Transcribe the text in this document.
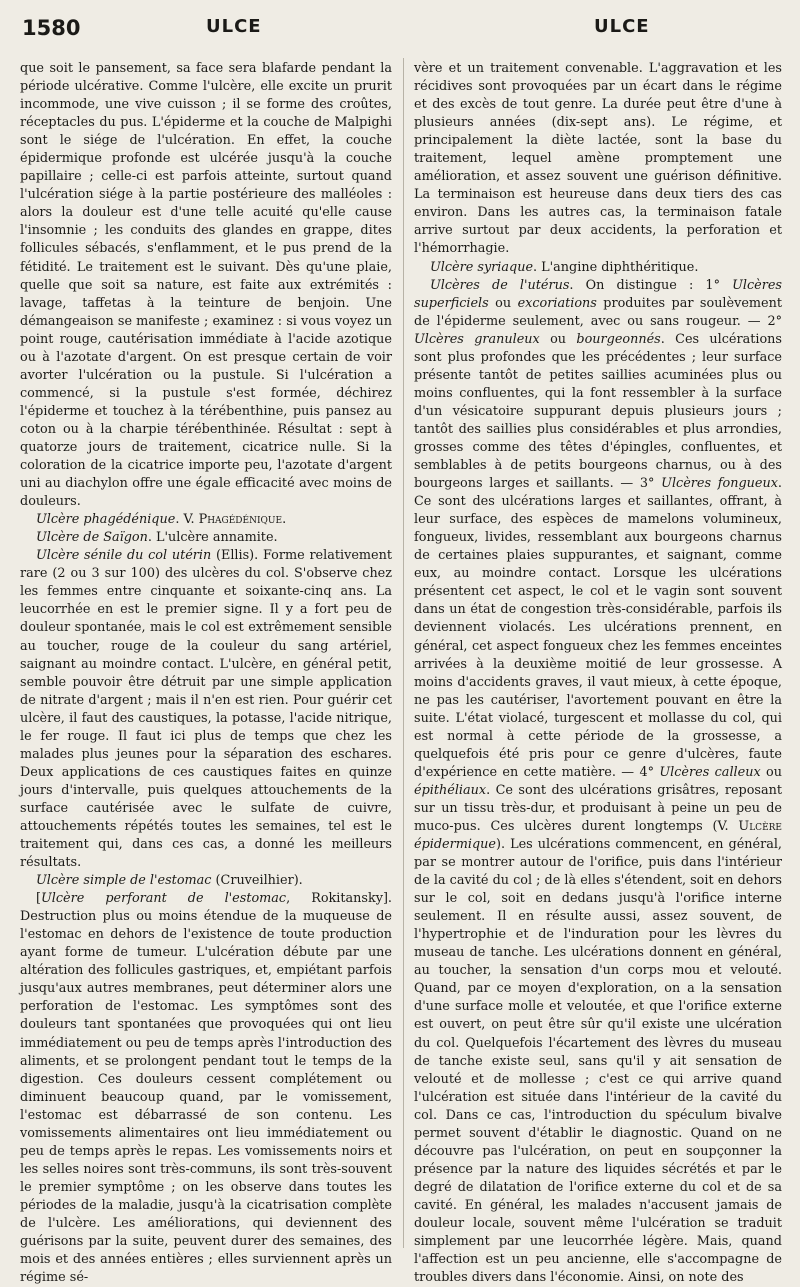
1580	ULCE	ULCE

que soit le pansement, sa face sera blafarde pendant la période ulcérative. Comme l'ulcère, elle excite un prurit incommode, une vive cuisson ; il se forme des croûtes, réceptacles du pus. L'épiderme et la couche de Malpighi sont le siége de l'ulcération. En effet, la couche épidermique profonde est ulcérée jusqu'à la couche papillaire ; celle-ci est parfois atteinte, surtout quand l'ulcération siége à la partie postérieure des malléoles : alors la douleur est d'une telle acuité qu'elle cause l'insomnie ; les conduits des glandes en grappe, dites follicules sébacés, s'enflamment, et le pus prend de la fétidité. Le traitement est le suivant. Dès qu'une plaie, quelle que soit sa nature, est faite aux extrémités : lavage, taffetas à la teinture de benjoin. Une démangeaison se manifeste ; examinez : si vous voyez un point rouge, cautérisation immédiate à l'acide azotique ou à l'azotate d'argent. On est presque certain de voir avorter l'ulcération ou la pustule. Si l'ulcération a commencé, si la pustule s'est formée, déchirez l'épiderme et touchez à la térébenthine, puis pansez au coton ou à la charpie térébenthinée. Résultat : sept à quatorze jours de traitement, cicatrice nulle. Si la coloration de la cicatrice importe peu, l'azotate d'argent uni au diachylon offre une égale efficacité avec moins de douleurs.

Ulcère phagédénique. V. Phagédénique.

Ulcère de Saïgon. L'ulcère annamite.

Ulcère sénile du col utérin (Ellis). Forme relativement rare (2 ou 3 sur 100) des ulcères du col. S'observe chez les femmes entre cinquante et soixante-cinq ans. La leucorrhée en est le premier signe. Il y a fort peu de douleur spontanée, mais le col est extrêmement sensible au toucher, rouge de la couleur du sang artériel, saignant au moindre contact. L'ulcère, en général petit, semble pouvoir être détruit par une simple application de nitrate d'argent ; mais il n'en est rien. Pour guérir cet ulcère, il faut des caustiques, la potasse, l'acide nitrique, le fer rouge. Il faut ici plus de temps que chez les malades plus jeunes pour la séparation des eschares. Deux applications de ces caustiques faites en quinze jours d'intervalle, puis quelques attouchements de la surface cautérisée avec le sulfate de cuivre, attouchements répétés toutes les semaines, tel est le traitement qui, dans ces cas, a donné les meilleurs résultats.

Ulcère simple de l'estomac (Cruveilhier).

[Ulcère perforant de l'estomac, Rokitansky]. Destruction plus ou moins étendue de la muqueuse de l'estomac en dehors de l'existence de toute production ayant forme de tumeur. L'ulcération débute par une altération des follicules gastriques, et, empiétant parfois jusqu'aux autres membranes, peut déterminer alors une perforation de l'estomac. Les symptômes sont des douleurs tant spontanées que provoquées qui ont lieu immédiatement ou peu de temps après l'introduction des aliments, et se prolongent pendant tout le temps de la digestion. Ces douleurs cessent complétement ou diminuent beaucoup quand, par le vomissement, l'estomac est débarrassé de son contenu. Les vomissements alimentaires ont lieu immédiatement ou peu de temps après le repas. Les vomissements noirs et les selles noires sont très-communs, ils sont très-souvent le premier symptôme ; on les observe dans toutes les périodes de la maladie, jusqu'à la cicatrisation complète de l'ulcère. Les améliorations, qui deviennent des guérisons par la suite, peuvent durer des semaines, des mois et des années entières ; elles surviennent après un régime sé-

vère et un traitement convenable. L'aggravation et les récidives sont provoquées par un écart dans le régime et des excès de tout genre. La durée peut être d'une à plusieurs années (dix-sept ans). Le régime, et principalement la diète lactée, sont la base du traitement, lequel amène promptement une amélioration, et assez souvent une guérison définitive. La terminaison est heureuse dans deux tiers des cas environ. Dans les autres cas, la terminaison fatale arrive surtout par deux accidents, la perforation et l'hémorrhagie.

Ulcère syriaque. L'angine diphthéritique.

Ulcères de l'utérus. On distingue : 1° Ulcères superficiels ou excoriations produites par soulèvement de l'épiderme seulement, avec ou sans rougeur. — 2° Ulcères granuleux ou bourgeonnés. Ces ulcérations sont plus profondes que les précédentes ; leur surface présente tantôt de petites saillies acuminées plus ou moins confluentes, qui la font ressembler à la surface d'un vésicatoire suppurant depuis plusieurs jours ; tantôt des saillies plus considérables et plus arrondies, grosses comme des têtes d'épingles, confluentes, et semblables à de petits bourgeons charnus, ou à des bourgeons larges et saillants. — 3° Ulcères fongueux. Ce sont des ulcérations larges et saillantes, offrant, à leur surface, des espèces de mamelons volumineux, fongueux, livides, ressemblant aux bourgeons charnus de certaines plaies suppurantes, et saignant, comme eux, au moindre contact. Lorsque les ulcérations présentent cet aspect, le col et le vagin sont souvent dans un état de congestion très-considérable, parfois ils deviennent violacés. Les ulcérations prennent, en général, cet aspect fongueux chez les femmes enceintes arrivées à la deuxième moitié de leur grossesse. A moins d'accidents graves, il vaut mieux, à cette époque, ne pas les cautériser, l'avortement pouvant en être la suite. L'état violacé, turgescent et mollasse du col, qui est normal à cette période de la grossesse, a quelquefois été pris pour ce genre d'ulcères, faute d'expérience en cette matière. — 4° Ulcères calleux ou épithéliaux. Ce sont des ulcérations grisâtres, reposant sur un tissu très-dur, et produisant à peine un peu de muco-pus. Ces ulcères durent longtemps (V. Ulcère épidermique). Les ulcérations commencent, en général, par se montrer autour de l'orifice, puis dans l'intérieur de la cavité du col ; de là elles s'étendent, soit en dehors sur le col, soit en dedans jusqu'à l'orifice interne seulement. Il en résulte aussi, assez souvent, de l'hypertrophie et de l'induration pour les lèvres du museau de tanche. Les ulcérations donnent en général, au toucher, la sensation d'un corps mou et velouté. Quand, par ce moyen d'exploration, on a la sensation d'une surface molle et veloutée, et que l'orifice externe est ouvert, on peut être sûr qu'il existe une ulcération du col. Quelquefois l'écartement des lèvres du museau de tanche existe seul, sans qu'il y ait sensation de velouté et de mollesse ; c'est ce qui arrive quand l'ulcération est située dans l'intérieur de la cavité du col. Dans ce cas, l'introduction du spéculum bivalve permet souvent d'établir le diagnostic. Quand on ne découvre pas l'ulcération, on peut en soupçonner la présence par la nature des liquides sécrétés et par le degré de dilatation de l'orifice externe du col et de sa cavité. En général, les malades n'accusent jamais de douleur locale, souvent même l'ulcération se traduit simplement par une leucorrhée légère. Mais, quand l'affection est un peu ancienne, elle s'accompagne de troubles divers dans l'économie. Ainsi, on note des
